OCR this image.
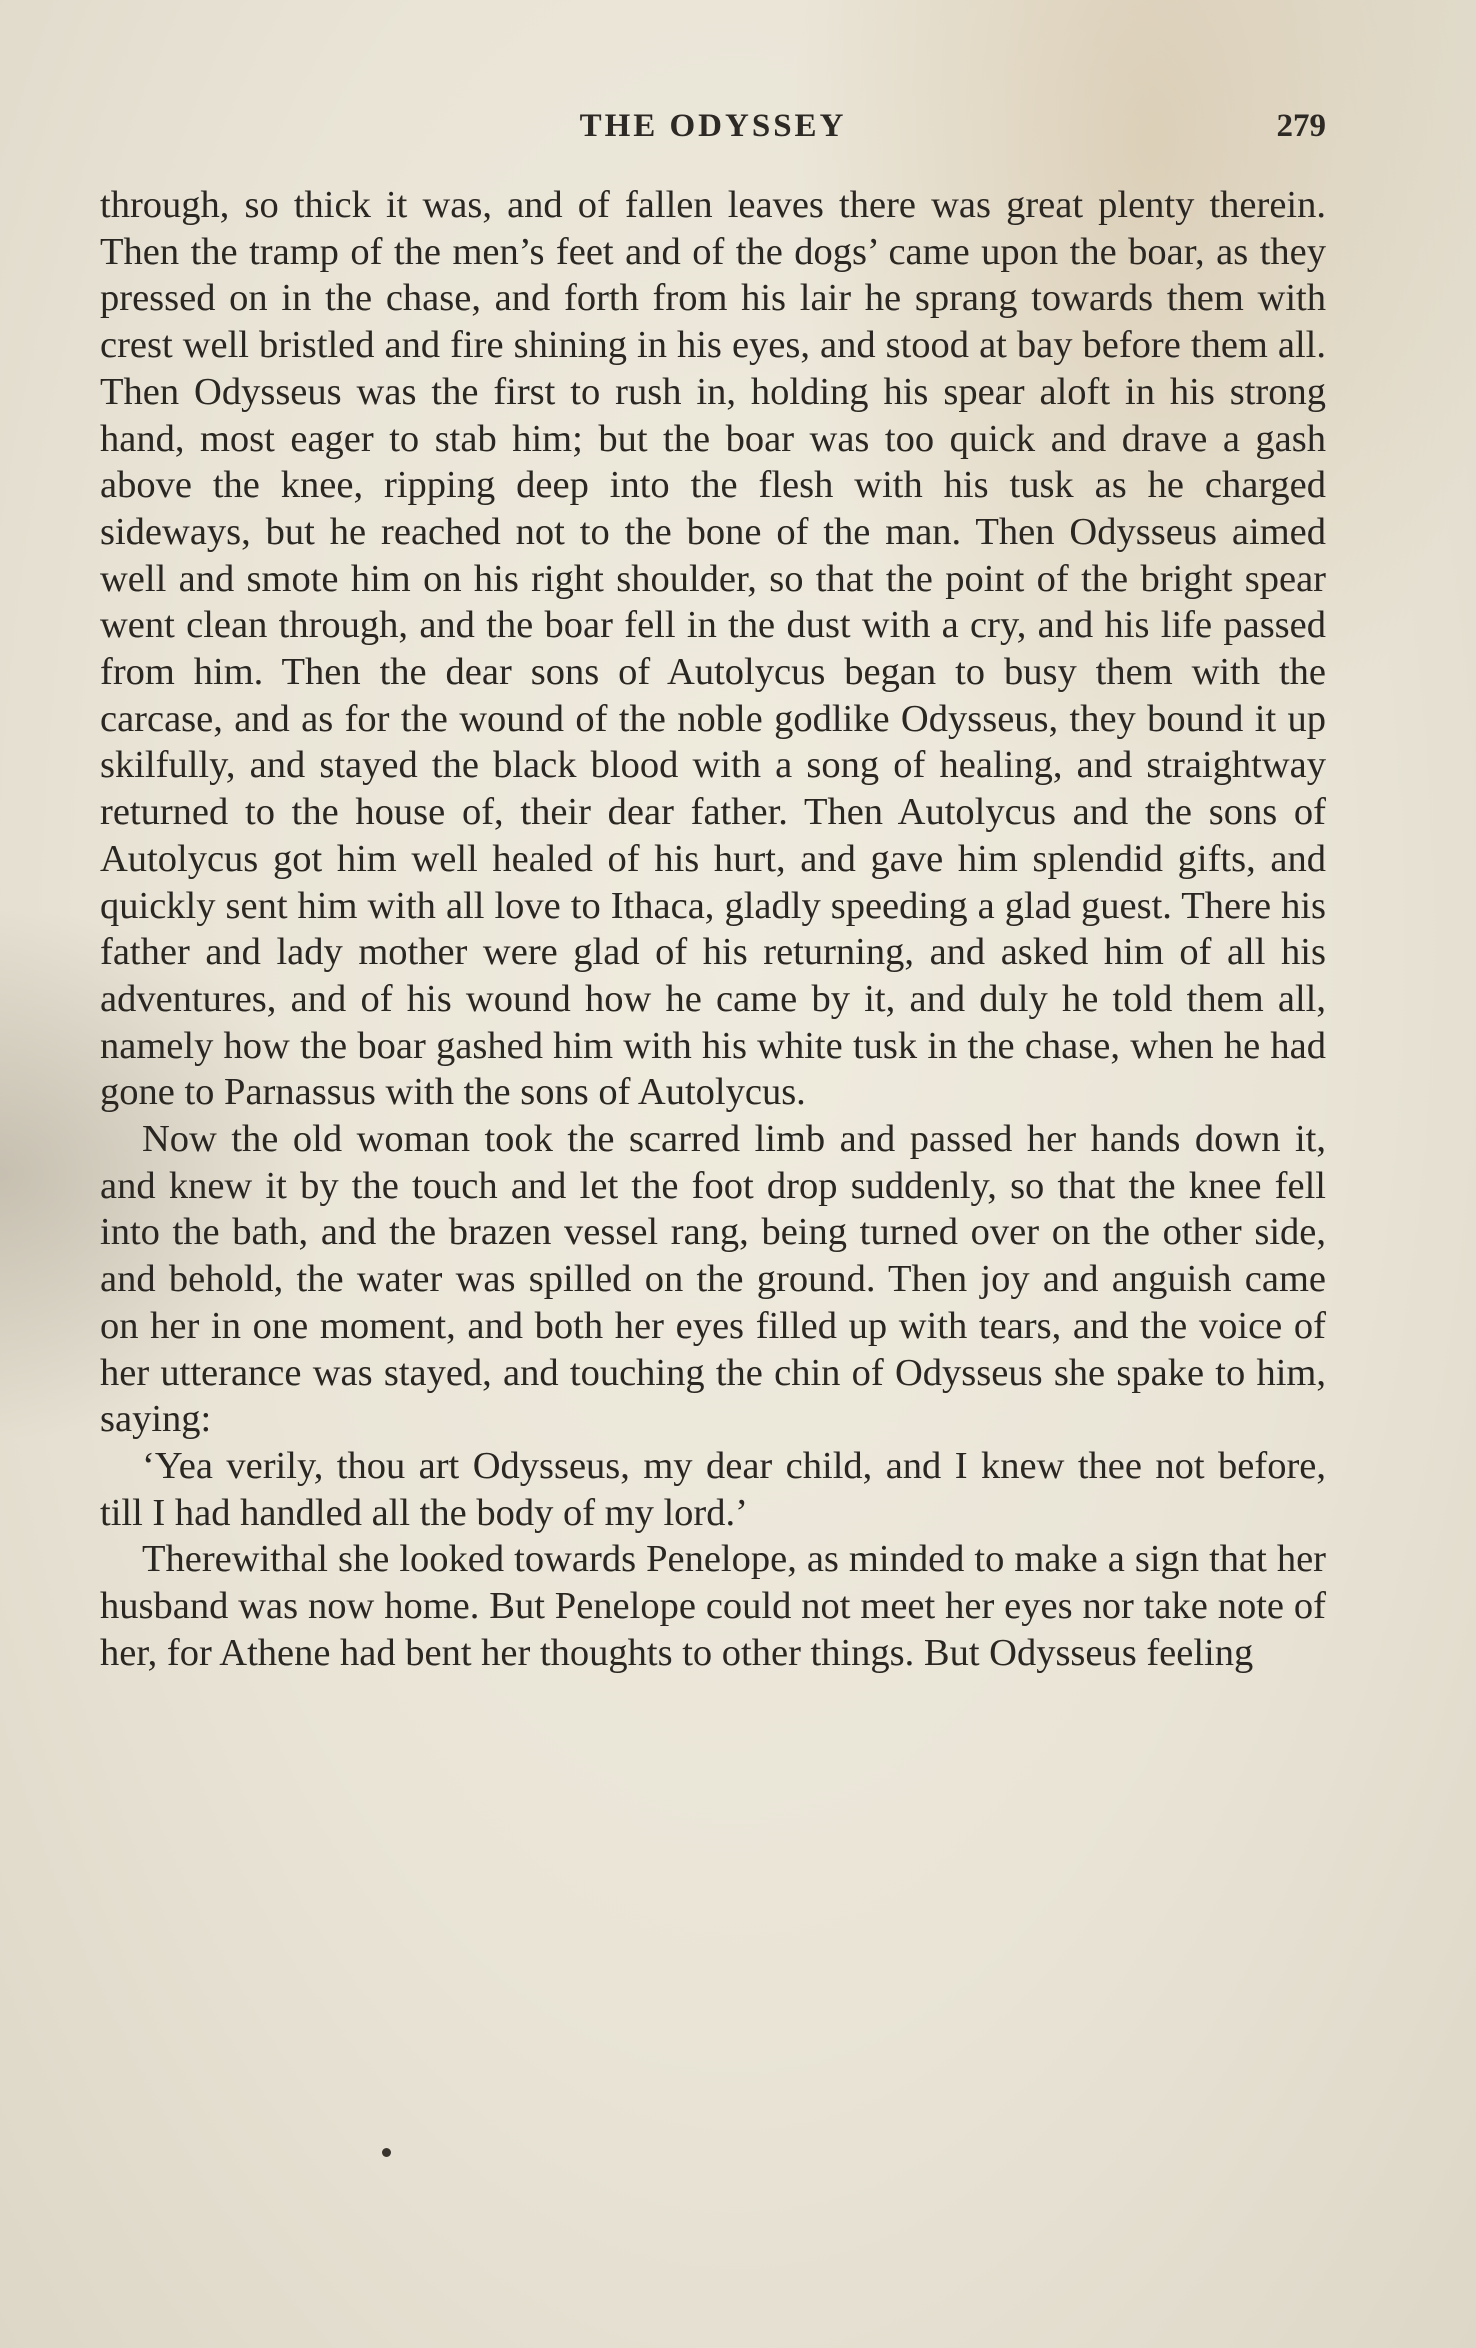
THE ODYSSEY	279

through, so thick it was, and of fallen leaves there was great plenty therein. Then the tramp of the men’s feet and of the dogs’ came upon the boar, as they pressed on in the chase, and forth from his lair he sprang towards them with crest well bristled and fire shining in his eyes, and stood at bay before them all. Then Odysseus was the first to rush in, holding his spear aloft in his strong hand, most eager to stab him; but the boar was too quick and drave a gash above the knee, ripping deep into the flesh with his tusk as he charged sideways, but he reached not to the bone of the man. Then Odysseus aimed well and smote him on his right shoulder, so that the point of the bright spear went clean through, and the boar fell in the dust with a cry, and his life passed from him. Then the dear sons of Autolycus began to busy them with the carcase, and as for the wound of the noble godlike Odysseus, they bound it up skilfully, and stayed the black blood with a song of healing, and straightway returned to the house of, their dear father. Then Autolycus and the sons of Autolycus got him well healed of his hurt, and gave him splendid gifts, and quickly sent him with all love to Ithaca, gladly speeding a glad guest. There his father and lady mother were glad of his returning, and asked him of all his adventures, and of his wound how he came by it, and duly he told them all, namely how the boar gashed him with his white tusk in the chase, when he had gone to Parnassus with the sons of Autolycus.

Now the old woman took the scarred limb and passed her hands down it, and knew it by the touch and let the foot drop suddenly, so that the knee fell into the bath, and the brazen vessel rang, being turned over on the other side, and behold, the water was spilled on the ground. Then joy and anguish came on her in one moment, and both her eyes filled up with tears, and the voice of her utterance was stayed, and touching the chin of Odysseus she spake to him, saying:

‘Yea verily, thou art Odysseus, my dear child, and I knew thee not before, till I had handled all the body of my lord.’

Therewithal she looked towards Penelope, as minded to make a sign that her husband was now home. But Penelope could not meet her eyes nor take note of her, for Athene had bent her thoughts to other things. But Odysseus feeling
